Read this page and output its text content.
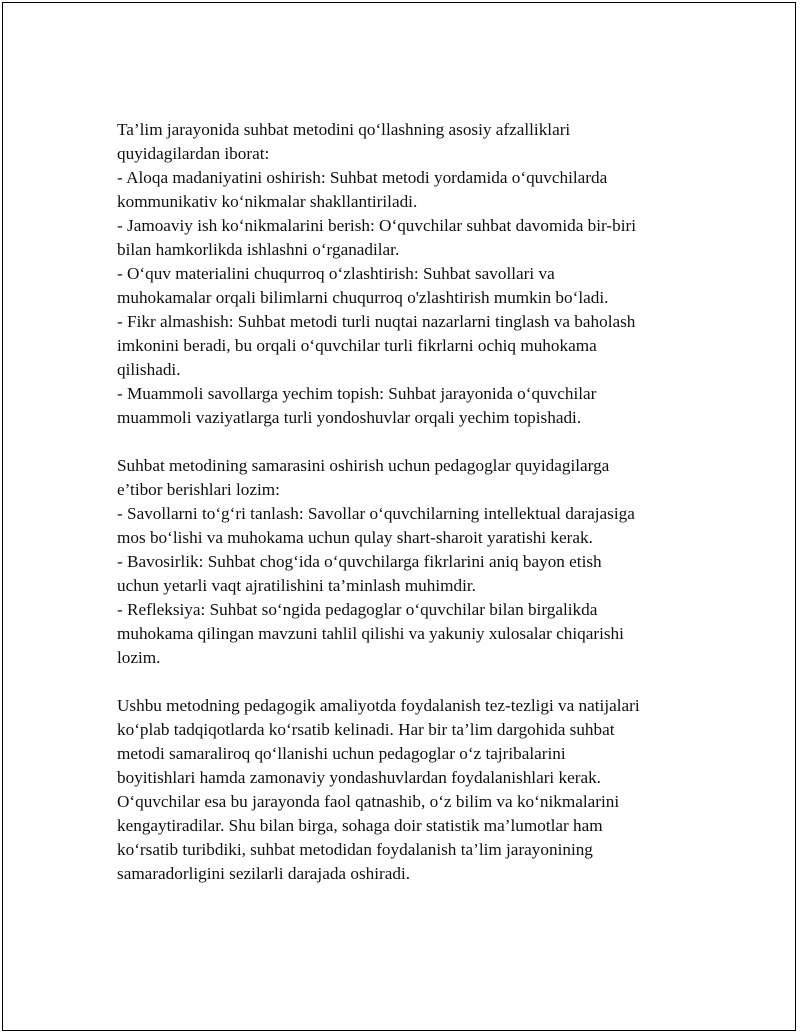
Ta’lim jarayonida suhbat metodini qo‘llashning asosiy afzalliklari
quyidagilardan iborat:
- Aloqa madaniyatini oshirish: Suhbat metodi yordamida o‘quvchilarda
kommunikativ ko‘nikmalar shakllantiriladi.
- Jamoaviy ish ko‘nikmalarini berish: O‘quvchilar suhbat davomida bir-biri
bilan hamkorlikda ishlashni o‘rganadilar.
- O‘quv materialini chuqurroq o‘zlashtirish: Suhbat savollari va
muhokamalar orqali bilimlarni chuqurroq o'zlashtirish mumkin bo‘ladi.
- Fikr almashish: Suhbat metodi turli nuqtai nazarlarni tinglash va baholash
imkonini beradi, bu orqali o‘quvchilar turli fikrlarni ochiq muhokama
qilishadi.
- Muammoli savollarga yechim topish: Suhbat jarayonida o‘quvchilar
muammoli vaziyatlarga turli yondoshuvlar orqali yechim topishadi.
Suhbat metodining samarasini oshirish uchun pedagoglar quyidagilarga
e’tibor berishlari lozim:
- Savollarni to‘g‘ri tanlash: Savollar o‘quvchilarning intellektual darajasiga
mos bo‘lishi va muhokama uchun qulay shart-sharoit yaratishi kerak.
- Bavosirlik: Suhbat chog‘ida o‘quvchilarga fikrlarini aniq bayon etish
uchun yetarli vaqt ajratilishini ta’minlash muhimdir.
- Refleksiya: Suhbat so‘ngida pedagoglar o‘quvchilar bilan birgalikda
muhokama qilingan mavzuni tahlil qilishi va yakuniy xulosalar chiqarishi
lozim.
Ushbu metodning pedagogik amaliyotda foydalanish tez-tezligi va natijalari
ko‘plab tadqiqotlarda ko‘rsatib kelinadi. Har bir ta’lim dargohida suhbat
metodi samaraliroq qo‘llanishi uchun pedagoglar o‘z tajribalarini
boyitishlari hamda zamonaviy yondashuvlardan foydalanishlari kerak.
O‘quvchilar esa bu jarayonda faol qatnashib, o‘z bilim va ko‘nikmalarini
kengaytiradilar. Shu bilan birga, sohaga doir statistik ma’lumotlar ham
ko‘rsatib turibdiki, suhbat metodidan foydalanish ta’lim jarayonining
samaradorligini sezilarli darajada oshiradi.
